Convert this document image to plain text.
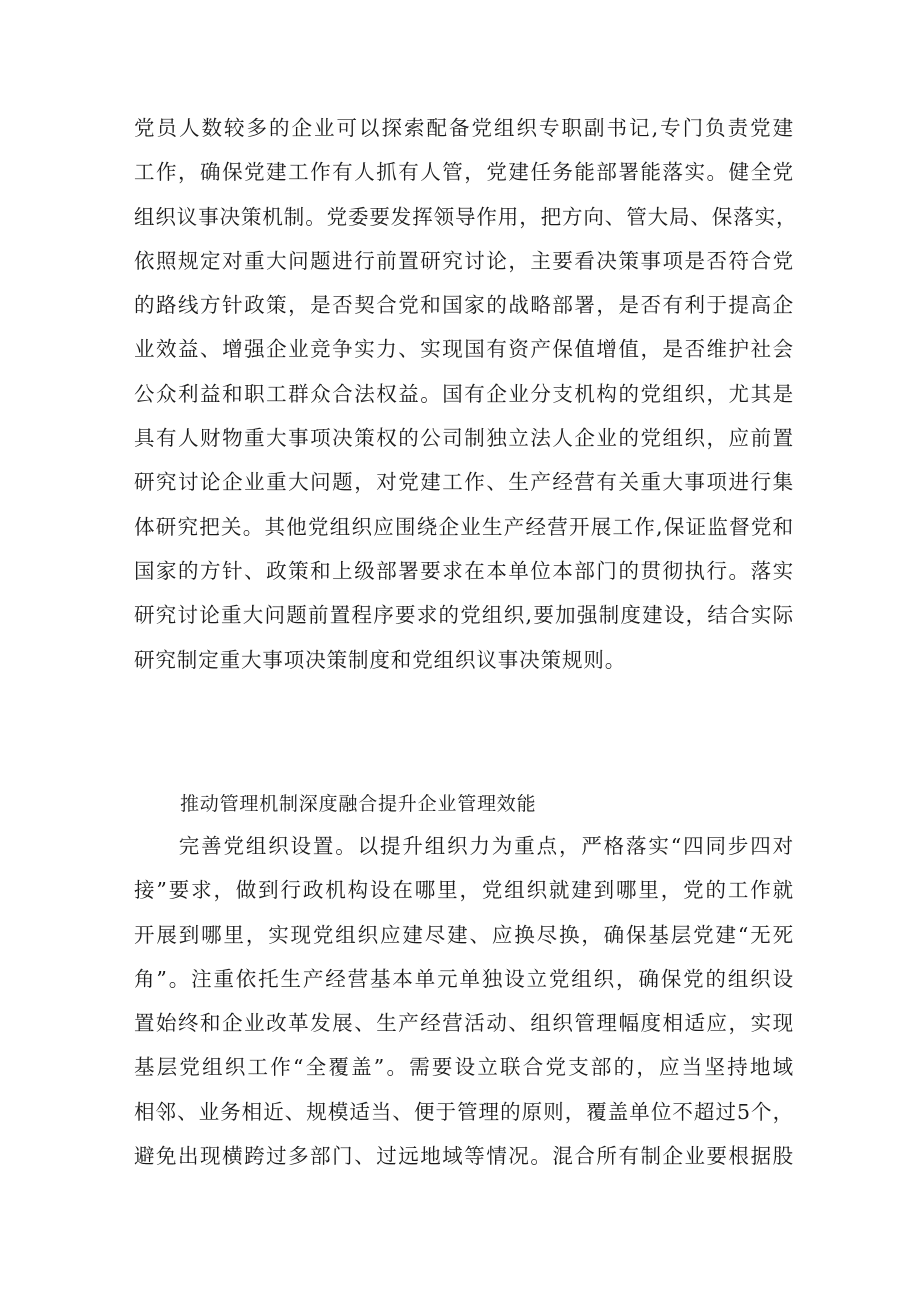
党员人数较多的企业可以探索配备党组织专职副书记,专门负责党建
工作，确保党建工作有人抓有人管，党建任务能部署能落实。健全党
组织议事决策机制。党委要发挥领导作用，把方向、管大局、保落实，
依照规定对重大问题进行前置研究讨论，主要看决策事项是否符合党
的路线方针政策，是否契合党和国家的战略部署，是否有利于提高企
业效益、增强企业竞争实力、实现国有资产保值增值，是否维护社会
公众利益和职工群众合法权益。国有企业分支机构的党组织，尤其是
具有人财物重大事项决策权的公司制独立法人企业的党组织，应前置
研究讨论企业重大问题，对党建工作、生产经营有关重大事项进行集
体研究把关。其他党组织应围绕企业生产经营开展工作,保证监督党和
国家的方针、政策和上级部署要求在本单位本部门的贯彻执行。落实
研究讨论重大问题前置程序要求的党组织,要加强制度建设，结合实际
研究制定重大事项决策制度和党组织议事决策规则。
推动管理机制深度融合提升企业管理效能
　　完善党组织设置。以提升组织力为重点，严格落实“四同步四对
接”要求，做到行政机构设在哪里，党组织就建到哪里，党的工作就
开展到哪里，实现党组织应建尽建、应换尽换，确保基层党建“无死
角”。注重依托生产经营基本单元单独设立党组织，确保党的组织设
置始终和企业改革发展、生产经营活动、组织管理幅度相适应，实现
基层党组织工作“全覆盖”。需要设立联合党支部的，应当坚持地域
相邻、业务相近、规模适当、便于管理的原则，覆盖单位不超过5个，
避免出现横跨过多部门、过远地域等情况。混合所有制企业要根据股
